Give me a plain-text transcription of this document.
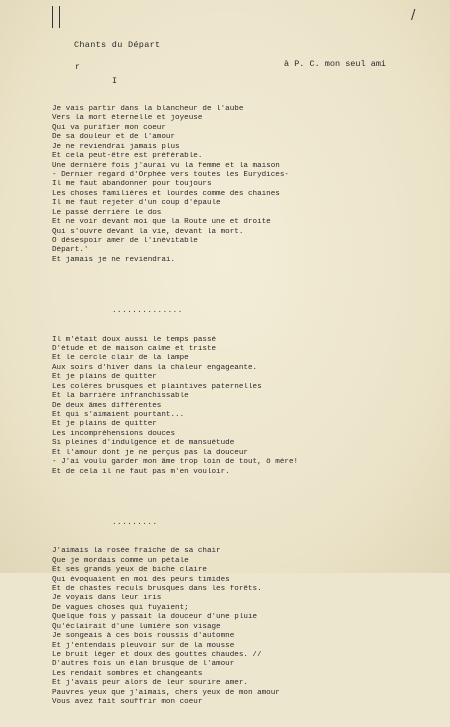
/
Chants du Départ
r	à P. C. mon seul ami
I

Je vais partir dans la blancheur de l'aube
Vers la mort éternelle et joyeuse
Qui va purifier mon coeur
De sa douleur et de l'amour
Je ne reviendrai jamais plus
Et cela peut-être est préférable.
Une dernière fois j'aurai vu la femme et la maison
- Dernier regard d'Orphée vers toutes les Eurydices-
Il me faut abandonner pour toujours
Les choses familières et lourdes comme des chaines
Il me faut rejeter d'un coup d'épaule
Le passé derrière le dos
Et ne voir devant moi que la Route une et droite
Qui s'ouvre devant la vie, devant la mort.
O désespoir amer de l'inévitable
Départ.'
Et jamais je ne reviendrai.

..............

Il m'était doux aussi le temps passé
D'étude et de maison calme et triste
Et le cercle clair de la lampe
Aux soirs d'hiver dans la chaleur engageante.
Et je plains de quitter
Les colères brusques et plaintives paternelles
Et la barrière infranchissable
De deux âmes différentes
Et qui s'aimaient pourtant...
Et je plains de quitter
Les incompréhensions douces
Si pleines d'indulgence et de mansuétude
Et l'amour dont je ne perçus pas la douceur
- J'ai voulu garder mon âme trop loin de tout, ô mère!
Et de cela il ne faut pas m'en vouloir.

.........

J'aimais la rosée fraîche de sa chair
Que je mordais comme un pétale
Et ses grands yeux de biche claire
Qui évoquaient en moi des peurs timides
Et de chastes reculs brusques dans les forêts.
Je voyais dans leur iris
De vagues choses qui fuyaient;
Quelque fois y passait la douceur d'une pluie
Qu'éclairait d'une lumière son visage
Je songeais à ces bois roussis d'automne
Et j'entendais pleuvoir sur de la mousse
Le bruit léger et doux des gouttes chaudes. //
D'autres fois un élan brusque de l'amour
Les rendait sombres et changeants
Et j'avais peur alors de leur sourire amer.
Pauvres yeux que j'aimais, chers yeux de mon amour
Vous avez fait souffrir mon coeur
